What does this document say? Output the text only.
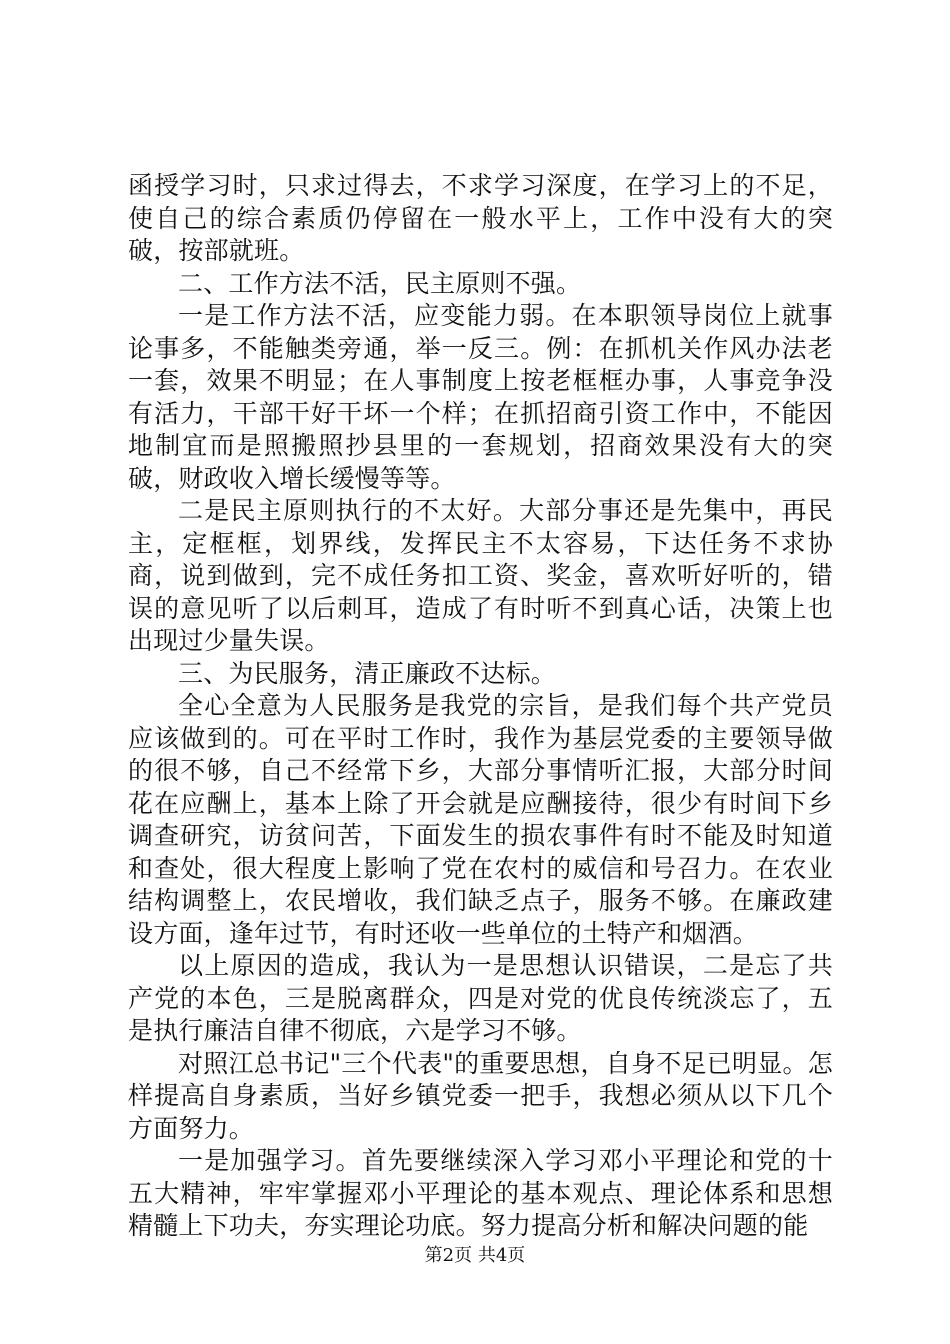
函授学习时，只求过得去，不求学习深度，在学习上的不足，使自己的综合素质仍停留在一般水平上，工作中没有大的突破，按部就班。

二、工作方法不活，民主原则不强。

一是工作方法不活，应变能力弱。在本职领导岗位上就事论事多，不能触类旁通，举一反三。例：在抓机关作风办法老一套，效果不明显；在人事制度上按老框框办事，人事竞争没有活力，干部干好干坏一个样；在抓招商引资工作中，不能因地制宜而是照搬照抄县里的一套规划，招商效果没有大的突破，财政收入增长缓慢等等。

二是民主原则执行的不太好。大部分事还是先集中，再民主，定框框，划界线，发挥民主不太容易，下达任务不求协商，说到做到，完不成任务扣工资、奖金，喜欢听好听的，错误的意见听了以后刺耳，造成了有时听不到真心话，决策上也出现过少量失误。

三、为民服务，清正廉政不达标。

全心全意为人民服务是我党的宗旨，是我们每个共产党员应该做到的。可在平时工作时，我作为基层党委的主要领导做的很不够，自己不经常下乡，大部分事情听汇报，大部分时间花在应酬上，基本上除了开会就是应酬接待，很少有时间下乡调查研究，访贫问苦，下面发生的损农事件有时不能及时知道和查处，很大程度上影响了党在农村的威信和号召力。在农业结构调整上，农民增收，我们缺乏点子，服务不够。在廉政建设方面，逢年过节，有时还收一些单位的土特产和烟酒。

以上原因的造成，我认为一是思想认识错误，二是忘了共产党的本色，三是脱离群众，四是对党的优良传统淡忘了，五是执行廉洁自律不彻底，六是学习不够。

对照江总书记"三个代表"的重要思想，自身不足已明显。怎样提高自身素质，当好乡镇党委一把手，我想必须从以下几个方面努力。

一是加强学习。首先要继续深入学习邓小平理论和党的十五大精神，牢牢掌握邓小平理论的基本观点、理论体系和思想精髓上下功夫，夯实理论功底。努力提高分析和解决问题的能

第2页 共4页
